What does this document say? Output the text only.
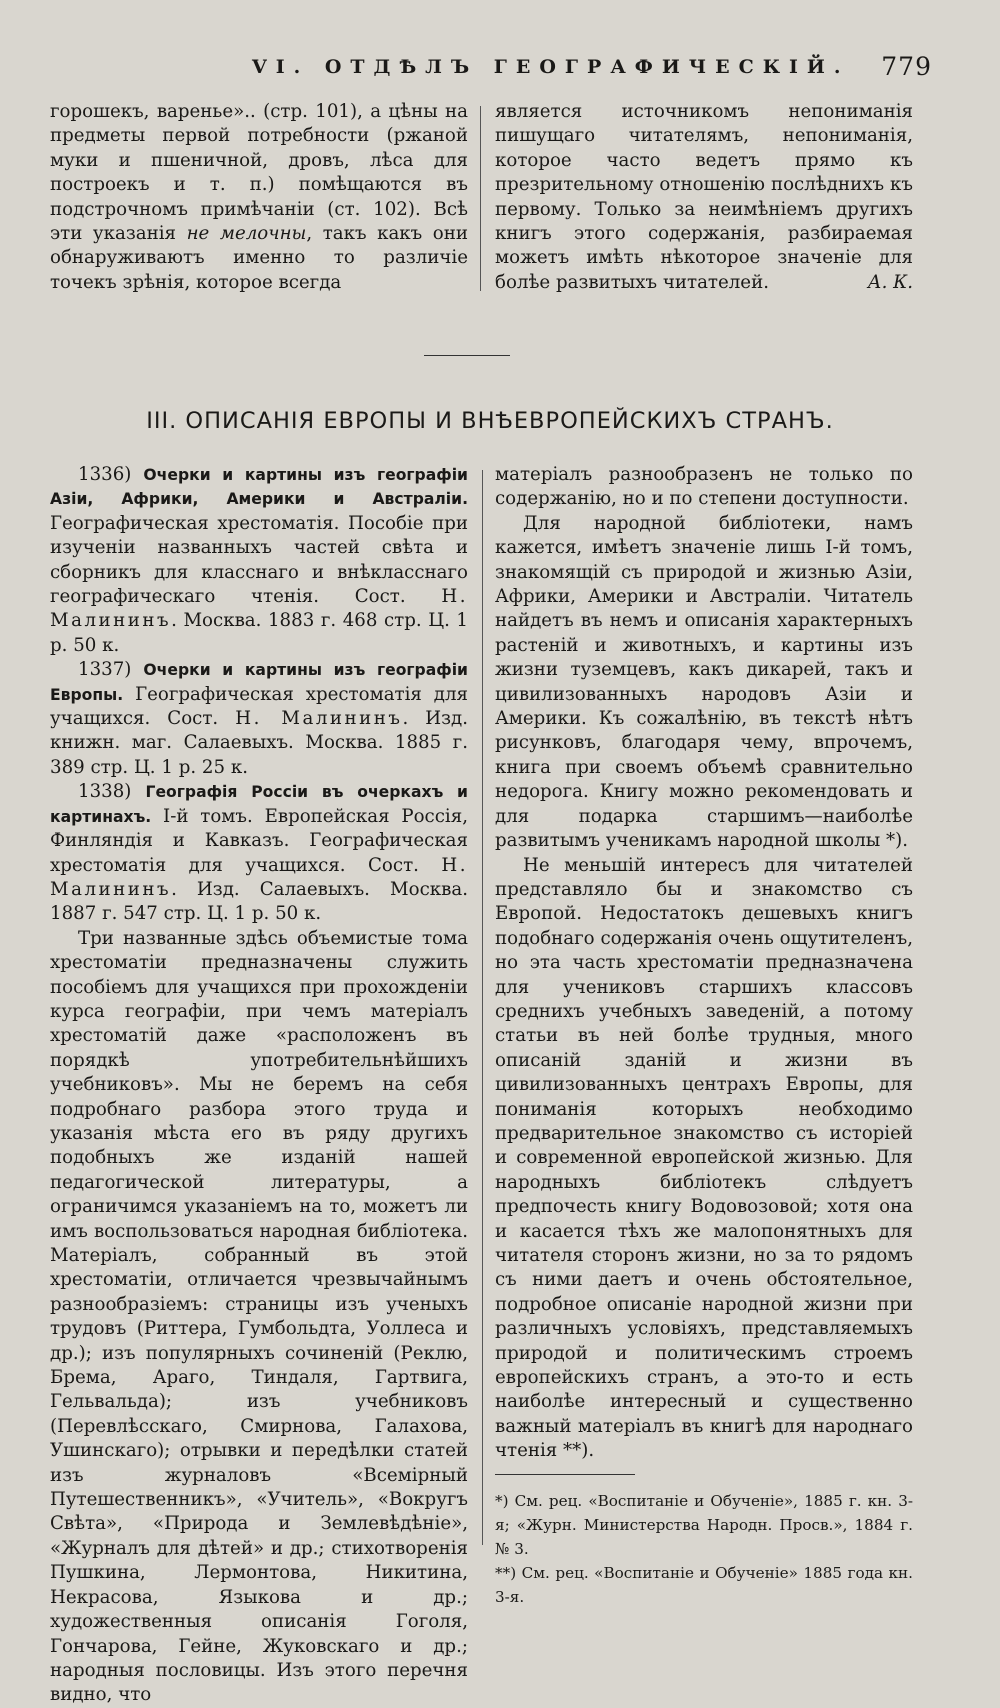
VI. ОТДѢЛЪ ГЕОГРАФИЧЕСКІЙ. 779

горошекъ, варенье».. (стр. 101), а цѣны на предметы первой потребности (ржаной муки и пшеничной, дровъ, лѣса для построекъ и т. п.) помѣщаются въ подстрочномъ примѣчаніи (ст. 102). Всѣ эти указанія не мелочны, такъ какъ они обнаруживаютъ именно то различіе точекъ зрѣнія, которое всегда

является источникомъ непониманія пишущаго читателямъ, непониманія, которое часто ведетъ прямо къ презрительному отношенію послѣднихъ къ первому. Только за неимѣніемъ другихъ книгъ этого содержанія, разбираемая можетъ имѣть нѣкоторое значеніе для болѣе развитыхъ читателей.	А. К.

III. ОПИСАНІЯ ЕВРОПЫ И ВНѢЕВРОПЕЙСКИХЪ СТРАНЪ.

1336) Очерки и картины изъ географіи Азіи, Африки, Америки и Австраліи. Географическая хрестоматія. Пособіе при изученіи названныхъ частей свѣта и сборникъ для класснаго и внѣкласснаго географическаго чтенія. Сост. Н. Малининъ. Москва. 1883 г. 468 стр. Ц. 1 р. 50 к.

1337) Очерки и картины изъ географіи Европы. Географическая хрестоматія для учащихся. Сост. Н. Малининъ. Изд. книжн. маг. Салаевыхъ. Москва. 1885 г. 389 стр. Ц. 1 р. 25 к.

1338) Географія Россіи въ очеркахъ и картинахъ. I-й томъ. Европейская Россія, Финляндія и Кавказъ. Географическая хрестоматія для учащихся. Сост. Н. Малининъ. Изд. Салаевыхъ. Москва. 1887 г. 547 стр. Ц. 1 р. 50 к.

Три названные здѣсь объемистые тома хрестоматіи предназначены служить пособіемъ для учащихся при прохожденіи курса географіи, при чемъ матеріалъ хрестоматій даже «расположенъ въ порядкѣ употребительнѣйшихъ учебниковъ». Мы не беремъ на себя подробнаго разбора этого труда и указанія мѣста его въ ряду другихъ подобныхъ же изданій нашей педагогической литературы, а ограничимся указаніемъ на то, можетъ ли имъ воспользоваться народная библіотека. Матеріалъ, собранный въ этой хрестоматіи, отличается чрезвычайнымъ разнообразіемъ: страницы изъ ученыхъ трудовъ (Риттера, Гумбольдта, Уоллеса и др.); изъ популярныхъ сочиненій (Реклю, Брема, Араго, Тиндаля, Гартвига, Гельвальда); изъ учебниковъ (Перевлѣсскаго, Смирнова, Галахова, Ушинскаго); отрывки и передѣлки статей изъ журналовъ «Всемірный Путешественникъ», «Учитель», «Вокругъ Свѣта», «Природа и Землевѣдѣніе», «Журналъ для дѣтей» и др.; стихотворенія Пушкина, Лермонтова, Никитина, Некрасова, Языкова и др.; художественныя описанія Гоголя, Гончарова, Гейне, Жуковскаго и др.; народныя пословицы. Изъ этого перечня видно, что

матеріалъ разнообразенъ не только по содержанію, но и по степени доступности.

Для народной библіотеки, намъ кажется, имѣетъ значеніе лишь I-й томъ, знакомящій съ природой и жизнью Азіи, Африки, Америки и Австраліи. Читатель найдетъ въ немъ и описанія характерныхъ растеній и животныхъ, и картины изъ жизни туземцевъ, какъ дикарей, такъ и цивилизованныхъ народовъ Азіи и Америки. Къ сожалѣнію, въ текстѣ нѣтъ рисунковъ, благодаря чему, впрочемъ, книга при своемъ объемѣ сравнительно недорога. Книгу можно рекомендовать и для подарка старшимъ—наиболѣе развитымъ ученикамъ народной школы *).

Не меньшій интересъ для читателей представляло бы и знакомство съ Европой. Недостатокъ дешевыхъ книгъ подобнаго содержанія очень ощутителенъ, но эта часть хрестоматіи предназначена для учениковъ старшихъ классовъ среднихъ учебныхъ заведеній, а потому статьи въ ней болѣе трудныя, много описаній зданій и жизни въ цивилизованныхъ центрахъ Европы, для пониманія которыхъ необходимо предварительное знакомство съ исторіей и современной европейской жизнью. Для народныхъ библіотекъ слѣдуетъ предпочесть книгу Водовозовой; хотя она и касается тѣхъ же малопонятныхъ для читателя сторонъ жизни, но за то рядомъ съ ними даетъ и очень обстоятельное, подробное описаніе народной жизни при различныхъ условіяхъ, представляемыхъ природой и политическимъ строемъ европейскихъ странъ, а это-то и есть наиболѣе интересный и существенно важный матеріалъ въ книгѣ для народнаго чтенія **).

*) См. рец. «Воспитаніе и Обученіе», 1885 г. кн. 3-я; «Журн. Министерства Народн. Просв.», 1884 г. № 3.

**) См. рец. «Воспитаніе и Обученіе» 1885 года кн. 3-я.
